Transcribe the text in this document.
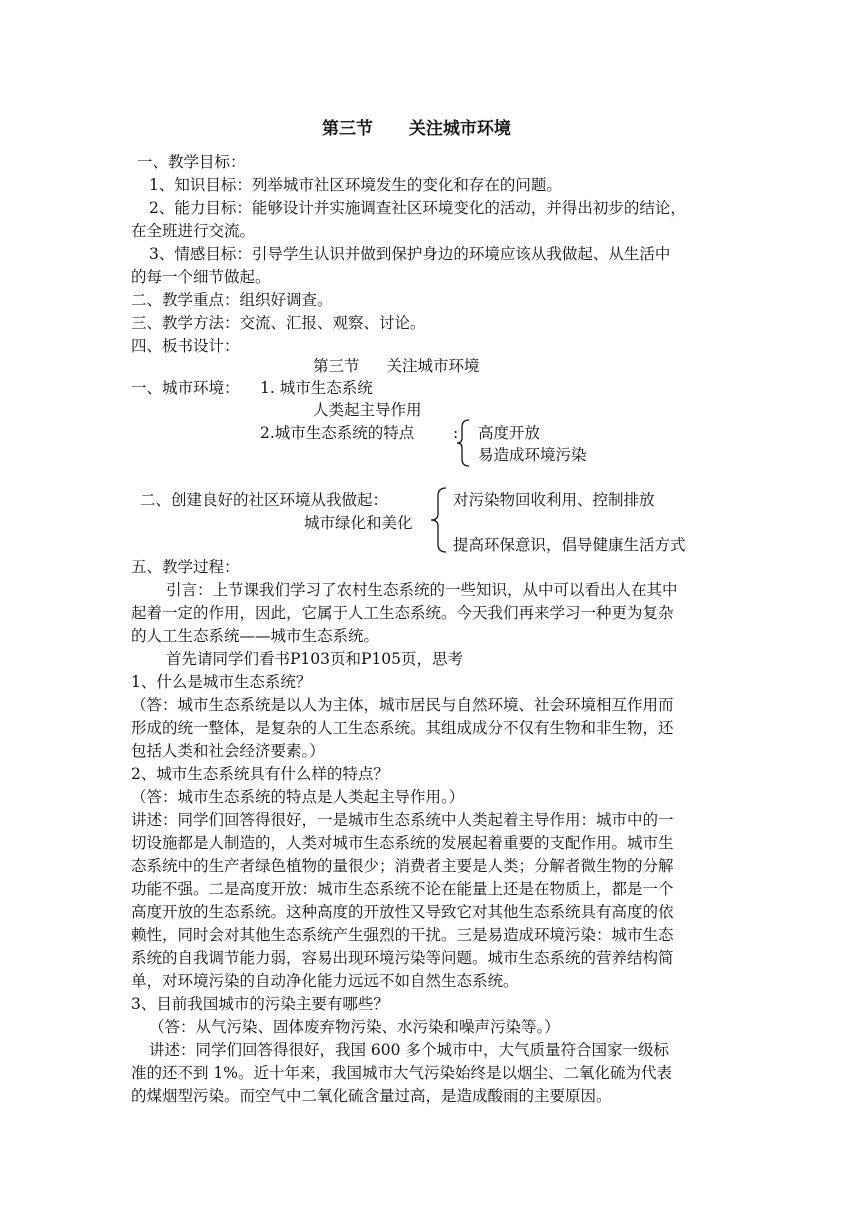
第三节 关注城市环境
一、教学目标：
1、知识目标：列举城市社区环境发生的变化和存在的问题。
2、能力目标：能够设计并实施调查社区环境变化的活动，并得出初步的结论，
在全班进行交流。
3、情感目标：引导学生认识并做到保护身边的环境应该从我做起、从生活中
的每一个细节做起。
二、教学重点：组织好调查。
三、教学方法：交流、汇报、观察、讨论。
四、板书设计：
第三节 关注城市环境
一、城市环境： 1. 城市生态系统
人类起主导作用
2.城市生态系统的特点 : 高度开放
易造成环境污染
二、创建良好的社区环境从我做起：
城市绿化和美化
对污染物回收利用、控制排放
提高环保意识，倡导健康生活方式
五、教学过程：
引言：上节课我们学习了农村生态系统的一些知识，从中可以看出人在其中
起着一定的作用，因此，它属于人工生态系统。今天我们再来学习一种更为复杂
的人工生态系统——城市生态系统。
首先请同学们看书P103页和P105页，思考
1、什么是城市生态系统？
（答：城市生态系统是以人为主体，城市居民与自然环境、社会环境相互作用而
形成的统一整体，是复杂的人工生态系统。其组成成分不仅有生物和非生物，还
包括人类和社会经济要素。）
2、城市生态系统具有什么样的特点？
（答：城市生态系统的特点是人类起主导作用。）
讲述：同学们回答得很好，一是城市生态系统中人类起着主导作用：城市中的一
切设施都是人制造的，人类对城市生态系统的发展起着重要的支配作用。城市生
态系统中的生产者绿色植物的量很少；消费者主要是人类；分解者微生物的分解
功能不强。二是高度开放：城市生态系统不论在能量上还是在物质上，都是一个
高度开放的生态系统。这种高度的开放性又导致它对其他生态系统具有高度的依
赖性，同时会对其他生态系统产生强烈的干扰。三是易造成环境污染：城市生态
系统的自我调节能力弱，容易出现环境污染等问题。城市生态系统的营养结构简
单，对环境污染的自动净化能力远远不如自然生态系统。
3、目前我国城市的污染主要有哪些？
（答：从气污染、固体废弃物污染、水污染和噪声污染等。）
讲述：同学们回答得很好，我国 600 多个城市中，大气质量符合国家一级标
准的还不到 1%。近十年来，我国城市大气污染始终是以烟尘、二氧化硫为代表
的煤烟型污染。而空气中二氧化硫含量过高，是造成酸雨的主要原因。
